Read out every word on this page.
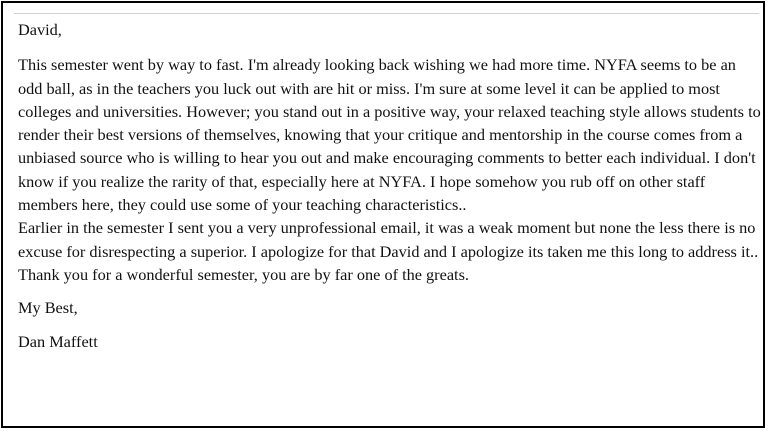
David,

This semester went by way to fast. I'm already looking back wishing we had more time. NYFA seems to be an odd ball, as in the teachers you luck out with are hit or miss. I'm sure at some level it can be applied to most colleges and universities. However; you stand out in a positive way, your relaxed teaching style allows students to render their best versions of themselves, knowing that your critique and mentorship in the course comes from a unbiased source who is willing to hear you out and make encouraging comments to better each individual. I don't know if you realize the rarity of that, especially here at NYFA. I hope somehow you rub off on other staff members here, they could use some of your teaching characteristics..

Earlier in the semester I sent you a very unprofessional email, it was a weak moment but none the less there is no excuse for disrespecting a superior. I apologize for that David and I apologize its taken me this long to address it..

Thank you for a wonderful semester, you are by far one of the greats.

My Best,

Dan Maffett
